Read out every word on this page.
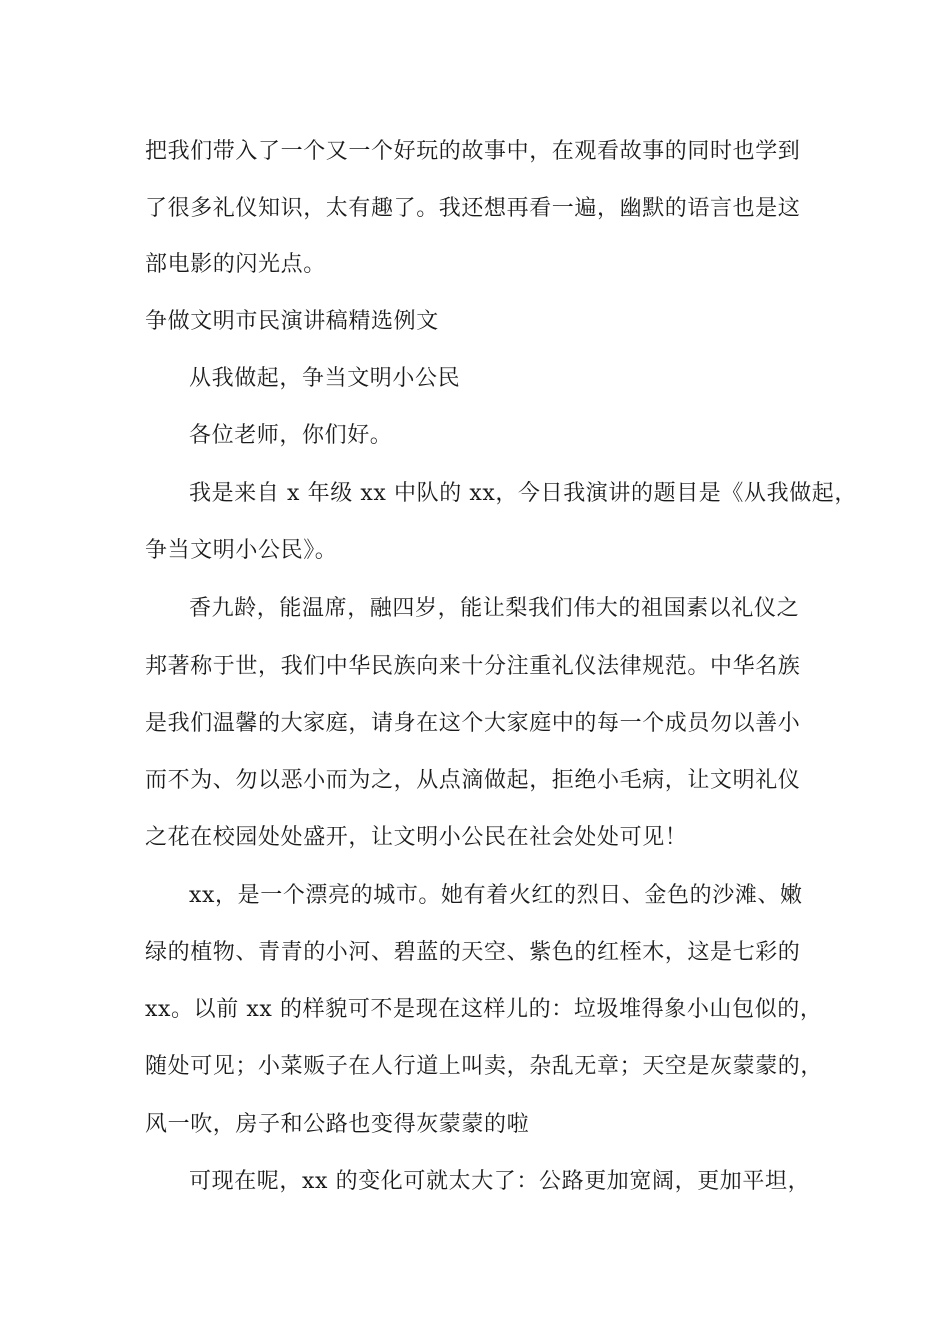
把我们带入了一个又一个好玩的故事中，在观看故事的同时也学到
了很多礼仪知识，太有趣了。我还想再看一遍，幽默的语言也是这
部电影的闪光点。
争做文明市民演讲稿精选例文
从我做起，争当文明小公民
各位老师，你们好。
我是来自 x 年级 xx 中队的 xx，今日我演讲的题目是《从我做起，
争当文明小公民》。
香九龄，能温席，融四岁，能让梨我们伟大的祖国素以礼仪之
邦著称于世，我们中华民族向来十分注重礼仪法律规范。中华名族
是我们温馨的大家庭，请身在这个大家庭中的每一个成员勿以善小
而不为、勿以恶小而为之，从点滴做起，拒绝小毛病，让文明礼仪
之花在校园处处盛开，让文明小公民在社会处处可见！
xx，是一个漂亮的城市。她有着火红的烈日、金色的沙滩、嫩
绿的植物、青青的小河、碧蓝的天空、紫色的红桎木，这是七彩的
xx。以前 xx 的样貌可不是现在这样儿的：垃圾堆得象小山包似的，
随处可见；小菜贩子在人行道上叫卖，杂乱无章；天空是灰蒙蒙的，
风一吹，房子和公路也变得灰蒙蒙的啦
可现在呢，xx 的变化可就太大了：公路更加宽阔，更加平坦，
